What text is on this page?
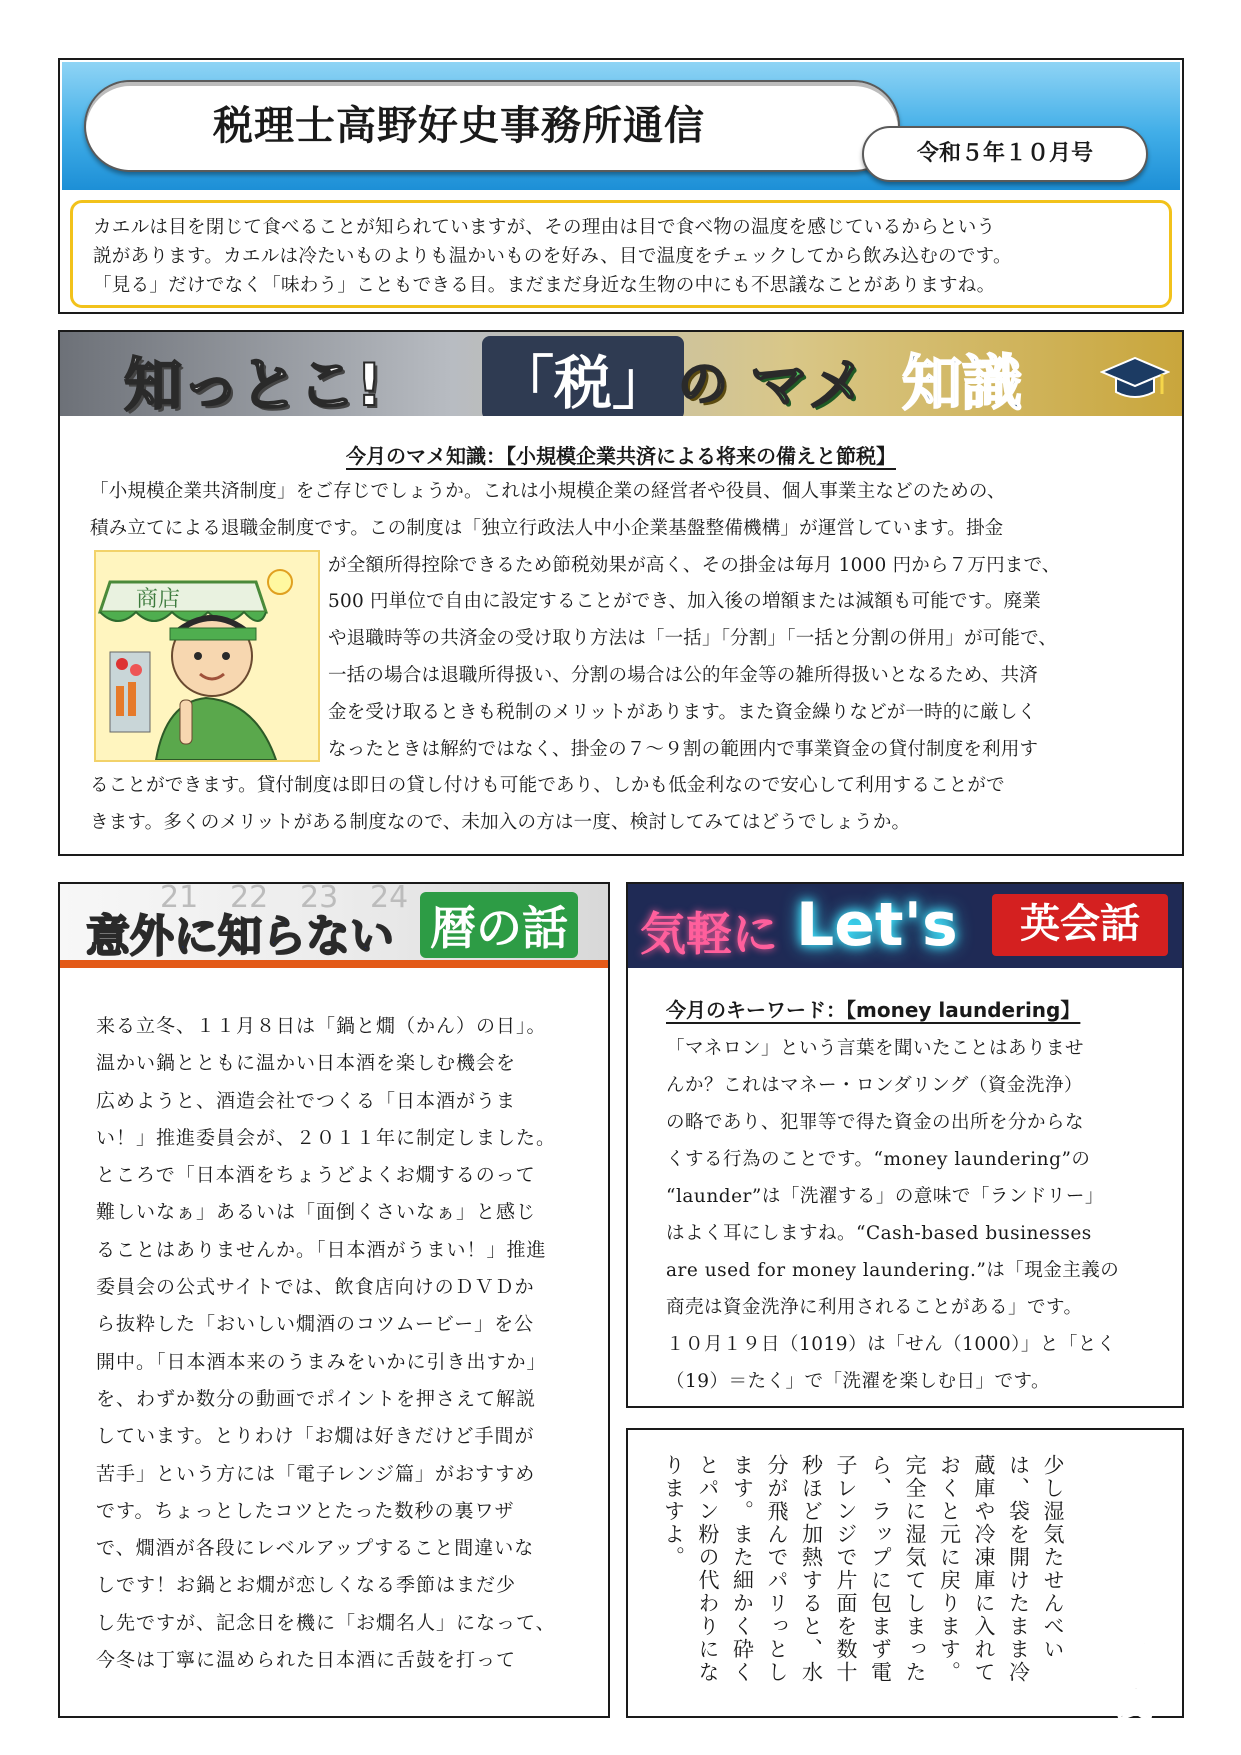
税理士高野好史事務所通信
令和５年１０月号

カエルは目を閉じて食べることが知られていますが、その理由は目で食べ物の温度を感じているからという

説があります。カエルは冷たいものよりも温かいものを好み、目で温度をチェックしてから飲み込むのです。

「見る」だけでなく「味わう」こともできる目。まだまだ身近な生物の中にも不思議なことがありますね。

知っとこ! 「税」 の マメ 知識
今月のマメ知識：【小規模企業共済による将来の備えと節税】
「小規模企業共済制度」をご存じでしょうか。これは小規模企業の経営者や役員、個人事業主などのための、
積み立てによる退職金制度です。この制度は「独立行政法人中小企業基盤整備機構」が運営しています。掛金
が全額所得控除できるため節税効果が高く、その掛金は毎月 1000 円から７万円まで、
500 円単位で自由に設定することができ、加入後の増額または減額も可能です。廃業
や退職時等の共済金の受け取り方法は「一括」「分割」「一括と分割の併用」が可能で、
一括の場合は退職所得扱い、分割の場合は公的年金等の雑所得扱いとなるため、共済
金を受け取るときも税制のメリットがあります。また資金繰りなどが一時的に厳しく
なったときは解約ではなく、掛金の７～９割の範囲内で事業資金の貸付制度を利用す
ることができます。貸付制度は即日の貸し付けも可能であり、しかも低金利なので安心して利用することがで
きます。多くのメリットがある制度なので、未加入の方は一度、検討してみてはどうでしょうか。
商店
21 22 23 24
意外に知らない 暦の話
来る立冬、１１月８日は「鍋と燗（かん）の日」。
温かい鍋とともに温かい日本酒を楽しむ機会を
広めようと、酒造会社でつくる「日本酒がうま
い！」推進委員会が、２０１１年に制定しました。
ところで「日本酒をちょうどよくお燗するのって
難しいなぁ」あるいは「面倒くさいなぁ」と感じ
ることはありませんか。「日本酒がうまい！」推進
委員会の公式サイトでは、飲食店向けのＤＶＤか
ら抜粋した「おいしい燗酒のコツムービー」を公
開中。「日本酒本来のうまみをいかに引き出すか」
を、わずか数分の動画でポイントを押さえて解説
しています。とりわけ「お燗は好きだけど手間が
苦手」という方には「電子レンジ篇」がおすすめ
です。ちょっとしたコツとたった数秒の裏ワザ
で、燗酒が各段にレベルアップすること間違いな
しです！お鍋とお燗が恋しくなる季節はまだ少
し先ですが、記念日を機に「お燗名人」になって、
今冬は丁寧に温められた日本酒に舌鼓を打って
気軽に Let's	英会話
今月のキーワード：【money laundering】
「マネロン」という言葉を聞いたことはありませ
んか？これはマネー・ロンダリング（資金洗浄）
の略であり、犯罪等で得た資金の出所を分からな
くする行為のことです。“money laundering”の
“launder”は「洗濯する」の意味で「ランドリー」
はよく耳にしますね。“Cash-based businesses
are used for money laundering.”は「現金主義の
商売は資金洗浄に利用されることがある」です。
１０月１９日（1019）は「せん（1000）」と「とく
（19）＝たく」で「洗濯を楽しむ日」です。
少し湿気たせんべい
は、袋を開けたまま冷
蔵庫や冷凍庫に入れて
おくと元に戻ります。
完全に湿気てしまった
ら、ラップに包まず電
子レンジで片面を数十
秒ほど加熱すると、水
分が飛んでパリっとし
ます。また細かく砕く
とパン粉の代わりにな
りますよ。	知
っ
て
得
す
る
知
恵
袋
